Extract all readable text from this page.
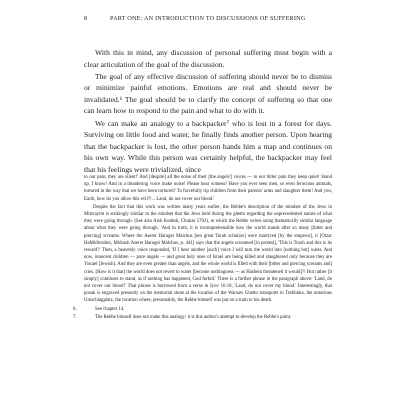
8	PART ONE: AN INTRODUCTION TO DISCUSSIONS OF SUFFERING

With this in mind, any discussion of personal suffering must begin with a clear articulation of the goal of the discussion.

The goal of any effective discussion of suffering should never be to dismiss or minimize painful emotions. Emotions are real and should never be invalidated.⁶ The goal should be to clarify the concept of suffering so that one can learn how to respond to the pain and what to do with it.

We can make an analogy to a backpacker⁷ who is lost in a forest for days. Surviving on little food and water, he finally finds another person. Upon hearing that the backpacker is lost, the other person hands him a map and continues on his own way. While this person was certainly helpful, the backpacker may feel that his feelings were trivialized, since

to our pain, they are silent!' And [despite] all the noise of their [the angels'] voices — to our bitter pain they keep quiet! Stand up, I know! And in a thundering voice make noise! Please hear witness! Have you ever seen men, or even ferocious animals, tortured in the way that we have been tortured? To forcefully rip children from their parents' arms and slaughter them! And you, Earth, how do you allow this evil?!... Land, do not cover our blood.'

Despite the fact that this work was written many years earlier, the Rebbe's description of the mindset of the Jews in Mitzrayim is strikingly similar to the mindset that the Jews held during the ghetto regarding the unprecedented nature of what they were going through. (See also Aish Kodesh, Chukas 5702), in which the Rebbe writes using thematically similar language about what they were going through: 'And in truth, it is incomprehensible how the world stands after so many [bitter and piercing] screams. Where the Aseret Harugei Malchus [ten great Torah scholars] were martyred [by the emperor], it [Otzar HaMidroshim, Midrash Aseret Harugei Malchus, p. 441] says that the angels screamed [in protest], 'This is Torah and this is its reward?' Then, a heavenly voice responded, 'If I hear another [such] voice I will turn the world into [nothing but] water. And now, innocent children — pure angels — and great holy ones of Israel are being killed and slaughtered only because they are Yisrael [Jewish]. And they are even greater than angels, and the whole world is filled with their [bitter and piercing screams and] cries. [How is it that] the world does not revert to water [become nothingness — as Hashem threatened it would]?! But rather [it simply] continues to stand, as if nothing has happened, God forbid.' There is a further phrase in the paragraph above: 'Land, do not cover our blood!' That phrase is borrowed from a verse in Iyov 16:18, 'Land, do not cover my blood.' Interestingly, that posuk is engraved presently on the memorial stone at the location of the Warsaw Ghetto transports to Treblinka, the notorious Umschlagplatz, the location where, presumably, the Rebbe himself was put on a train to his death.

6.	See chapter 14.

7.	The Rebbe himself does not make this analogy; it is this author's attempt to develop the Rebbe's point.
